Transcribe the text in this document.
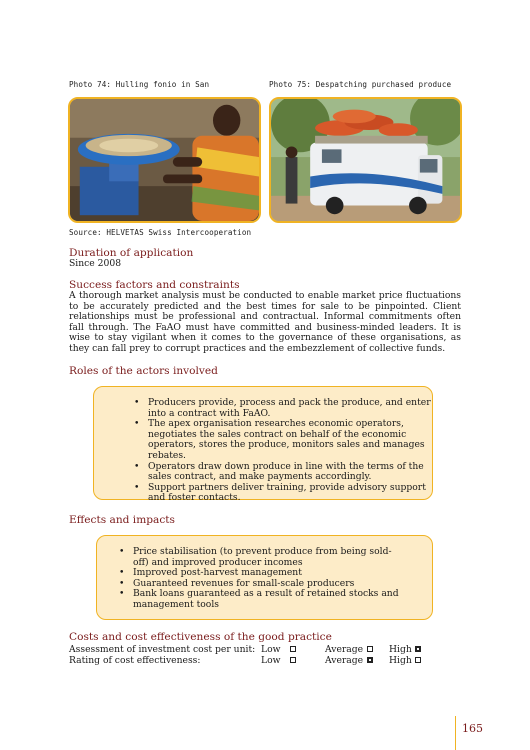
Photo 74: Hulling fonio in San	Photo 75: Despatching purchased produce
Source: HELVETAS Swiss Intercooperation
Duration of application
Since 2008
Success factors and constraints
A thorough market analysis must be conducted to enable market price fluctuations to be accurately predicted and the best times for sale to be pinpointed. Client relationships must be professional and contractual. Informal commitments often fall through. The FaAO must have committed and business-minded leaders. It is wise to stay vigilant when it comes to the governance of these organisations, as they can fall prey to corrupt practices and the embezzlement of collective funds.
Roles of the actors involved
• Producers provide, process and pack the produce, and enter into a contract with FaAO.
• The apex organisation researches economic operators, negotiates the sales contract on behalf of the economic operators, stores the produce, monitors sales and manages rebates.
• Operators draw down produce in line with the terms of the sales contract, and make payments accordingly.
• Support partners deliver training, provide advisory support and foster contacts.
Effects and impacts
• Price stabilisation (to prevent produce from being sold-off) and improved producer incomes
• Improved post-harvest management
• Guaranteed revenues for small-scale producers
• Bank loans guaranteed as a result of retained stocks and management tools
Costs and cost effectiveness of the good practice
Assessment of investment cost per unit: Low	Average	High
Rating of cost effectiveness:	Low	Average	High
165
